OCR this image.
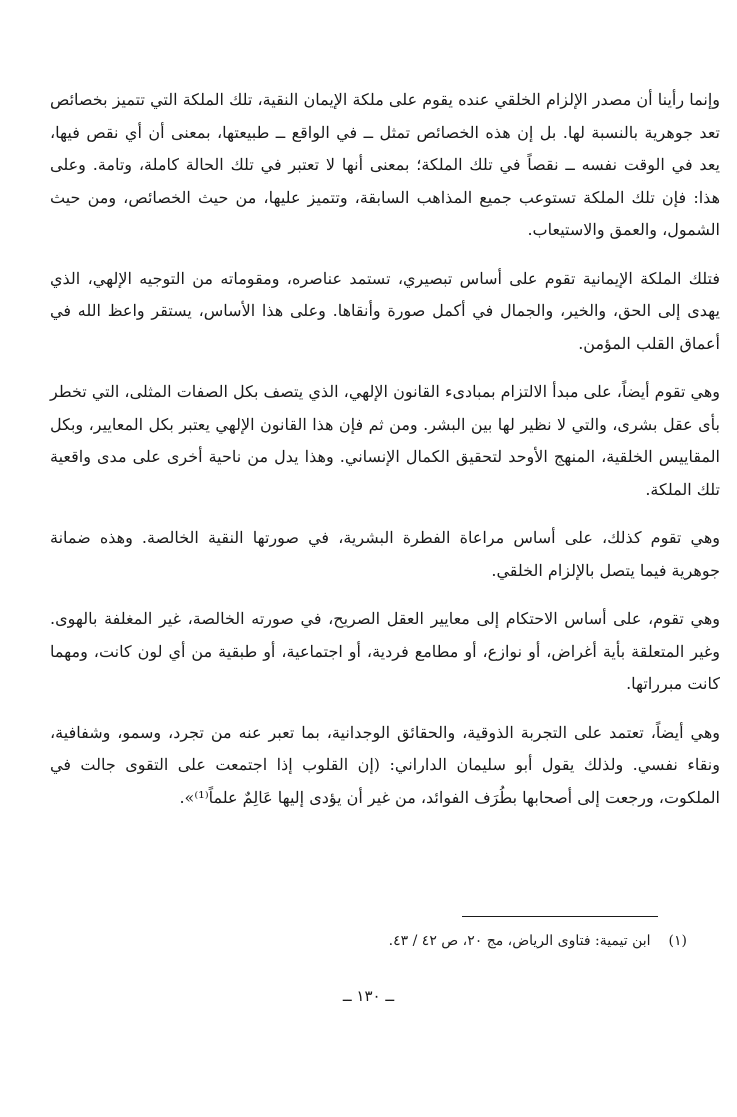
وإنما رأينا أن مصدر الإلزام الخلقي عنده يقوم على ملكة الإيمان النقية، تلك الملكة التي تتميز بخصائص تعد جوهرية بالنسبة لها. بل إن هذه الخصائص تمثل ــ في الواقع ــ طبيعتها، بمعنى أن أي نقص فيها، يعد في الوقت نفسه ــ نقصاً في تلك الملكة؛ بمعنى أنها لا تعتبر في تلك الحالة كاملة، وتامة. وعلى هذا: فإن تلك الملكة تستوعب جميع المذاهب السابقة، وتتميز عليها، من حيث الخصائص، ومن حيث الشمول، والعمق والاستيعاب.

فتلك الملكة الإيمانية تقوم على أساس تبصيري، تستمد عناصره، ومقوماته من التوجيه الإلهي، الذي يهدى إلى الحق، والخير، والجمال في أكمل صورة وأنقاها. وعلى هذا الأساس، يستقر واعظ الله في أعماق القلب المؤمن.

وهي تقوم أيضاً، على مبدأ الالتزام بمبادىء القانون الإلهي، الذي يتصف بكل الصفات المثلى، التي تخطر بأى عقل بشرى، والتي لا نظير لها بين البشر. ومن ثم فإن هذا القانون الإلهي يعتبر بكل المعايير، وبكل المقاييس الخلقية، المنهج الأوحد لتحقيق الكمال الإنساني. وهذا يدل من ناحية أخرى على مدى واقعية تلك الملكة.

وهي تقوم كذلك، على أساس مراعاة الفطرة البشرية، في صورتها النقية الخالصة. وهذه ضمانة جوهرية فيما يتصل بالإلزام الخلقي.

وهي تقوم، على أساس الاحتكام إلى معايير العقل الصريح، في صورته الخالصة، غير المغلفة بالهوى. وغير المتعلقة بأية أغراض، أو نوازع، أو مطامع فردية، أو اجتماعية، أو طبقية من أي لون كانت، ومهما كانت مبرراتها.

وهي أيضاً، تعتمد على التجربة الذوقية، والحقائق الوجدانية، بما تعبر عنه من تجرد، وسمو، وشفافية، ونقاء نفسي. ولذلك يقول أبو سليمان الداراني: (إن القلوب إذا اجتمعت على التقوى جالت في الملكوت، ورجعت إلى أصحابها بطُرَف الفوائد، من غير أن يؤدى إليها عَالِمٌ علماً⁽¹⁾».

(١)ابن تيمية: فتاوى الرياض، مج ٢٠، ص ٤٢ / ٤٣.
ــ ١٣٠ ــ
